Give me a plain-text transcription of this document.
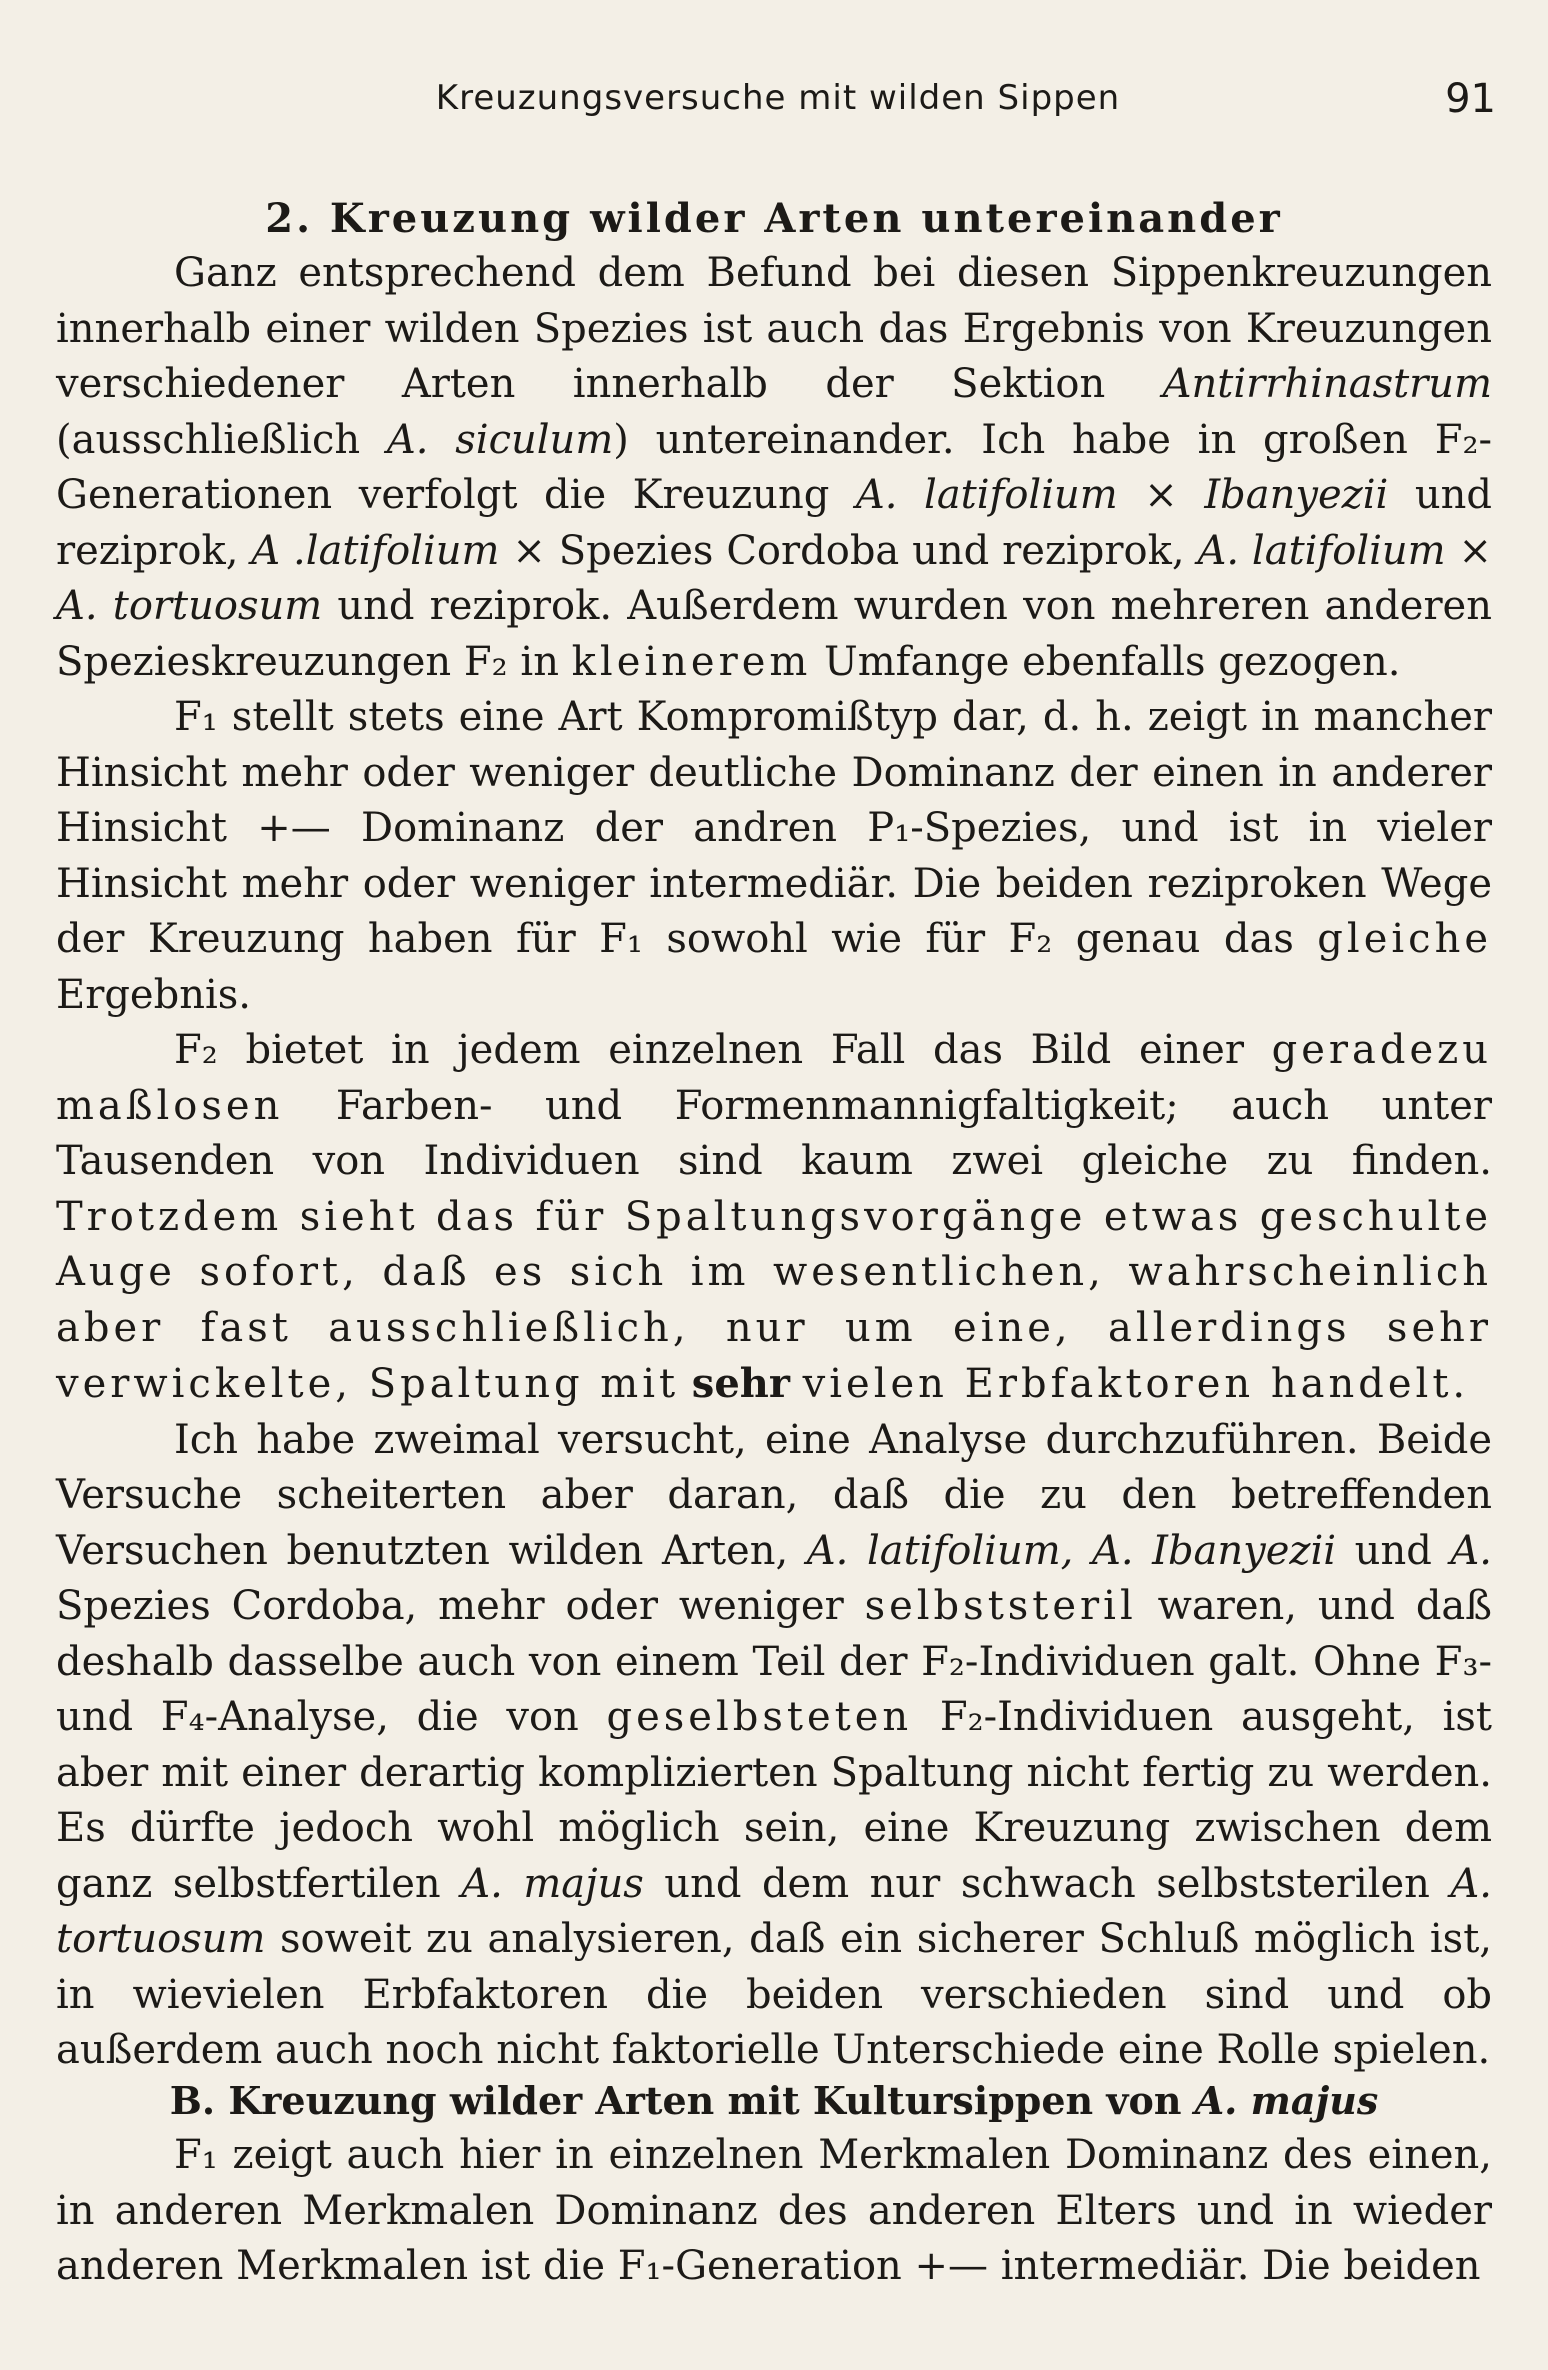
Kreuzungsversuche mit wilden Sippen	91
2. Kreuzung wilder Arten untereinander

Ganz entsprechend dem Befund bei diesen Sippenkreuzungen innerhalb einer wilden Spezies ist auch das Ergebnis von Kreuzungen verschiedener Arten innerhalb der Sektion Antirrhinastrum (ausschließlich A. siculum) untereinander. Ich habe in großen F₂-Generationen verfolgt die Kreuzung A. latifolium × Ibanyezii und reziprok, A .latifolium × Spezies Cordoba und reziprok, A. latifolium × A. tortuosum und reziprok. Außerdem wurden von mehreren anderen Spezieskreuzungen F₂ in kleinerem Umfange ebenfalls gezogen.

F₁ stellt stets eine Art Kompromißtyp dar, d. h. zeigt in mancher Hinsicht mehr oder weniger deutliche Dominanz der einen in anderer Hinsicht +— Dominanz der andren P₁-Spezies, und ist in vieler Hinsicht mehr oder weniger intermediär. Die beiden reziproken Wege der Kreuzung haben für F₁ sowohl wie für F₂ genau das gleiche Ergebnis.

F₂ bietet in jedem einzelnen Fall das Bild einer geradezu maßlosen Farben- und Formenmannigfaltigkeit; auch unter Tausenden von Individuen sind kaum zwei gleiche zu finden. Trotzdem sieht das für Spaltungsvorgänge etwas geschulte Auge sofort, daß es sich im wesentlichen, wahrscheinlich aber fast ausschließlich, nur um eine, allerdings sehr verwickelte, Spaltung mit sehr vielen Erbfaktoren handelt.

Ich habe zweimal versucht, eine Analyse durchzuführen. Beide Versuche scheiterten aber daran, daß die zu den betreffenden Versuchen benutzten wilden Arten, A. latifolium, A. Ibanyezii und A. Spezies Cordoba, mehr oder weniger selbststeril waren, und daß deshalb dasselbe auch von einem Teil der F₂-Individuen galt. Ohne F₃- und F₄-Analyse, die von geselbsteten F₂-Individuen ausgeht, ist aber mit einer derartig komplizierten Spaltung nicht fertig zu werden. Es dürfte jedoch wohl möglich sein, eine Kreuzung zwischen dem ganz selbstfertilen A. majus und dem nur schwach selbststerilen A. tortuosum soweit zu analysieren, daß ein sicherer Schluß möglich ist, in wievielen Erbfaktoren die beiden verschieden sind und ob außerdem auch noch nicht faktorielle Unterschiede eine Rolle spielen.

B. Kreuzung wilder Arten mit Kultursippen von A. majus

F₁ zeigt auch hier in einzelnen Merkmalen Dominanz des einen, in anderen Merkmalen Dominanz des anderen Elters und in wieder anderen Merkmalen ist die F₁-Generation +— intermediär. Die beiden
